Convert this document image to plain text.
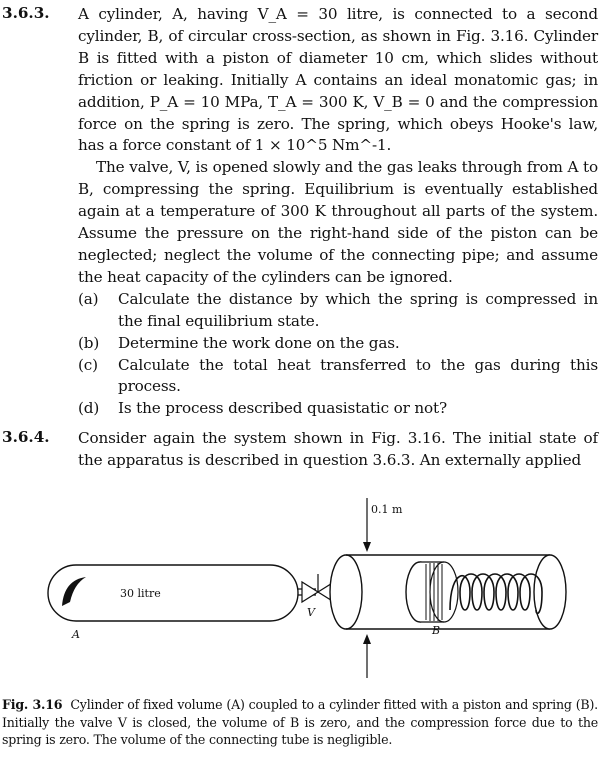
3.6.3. A cylinder, A, having V_A = 30 litre, is connected to a second cylinder, B, of circular cross-section, as shown in Fig. 3.16. Cylinder B is fitted with a piston of diameter 10 cm, which slides without friction or leaking. Initially A contains an ideal monatomic gas; in addition, P_A = 10 MPa, T_A = 300 K, V_B = 0 and the compression force on the spring is zero. The spring, which obeys Hooke's law, has a force constant of 1 × 10^5 Nm^-1.

The valve, V, is opened slowly and the gas leaks through from A to B, compressing the spring. Equilibrium is eventually established again at a temperature of 300 K throughout all parts of the system. Assume the pressure on the right-hand side of the piston can be neglected; neglect the volume of the connecting pipe; and assume the heat capacity of the cylinders can be ignored.

(a) Calculate the distance by which the spring is compressed in the final equilibrium state.
(b) Determine the work done on the gas.
(c) Calculate the total heat transferred to the gas during this process.
(d) Is the process described quasistatic or not?
3.6.4. Consider again the system shown in Fig. 3.16. The initial state of the apparatus is described in question 3.6.3. An externally applied

0.1 m
30 litre
A
V
B
Fig. 3.16 Cylinder of fixed volume (A) coupled to a cylinder fitted with a piston and spring (B). Initially the valve V is closed, the volume of B is zero, and the compression force due to the spring is zero. The volume of the connecting tube is negligible.
